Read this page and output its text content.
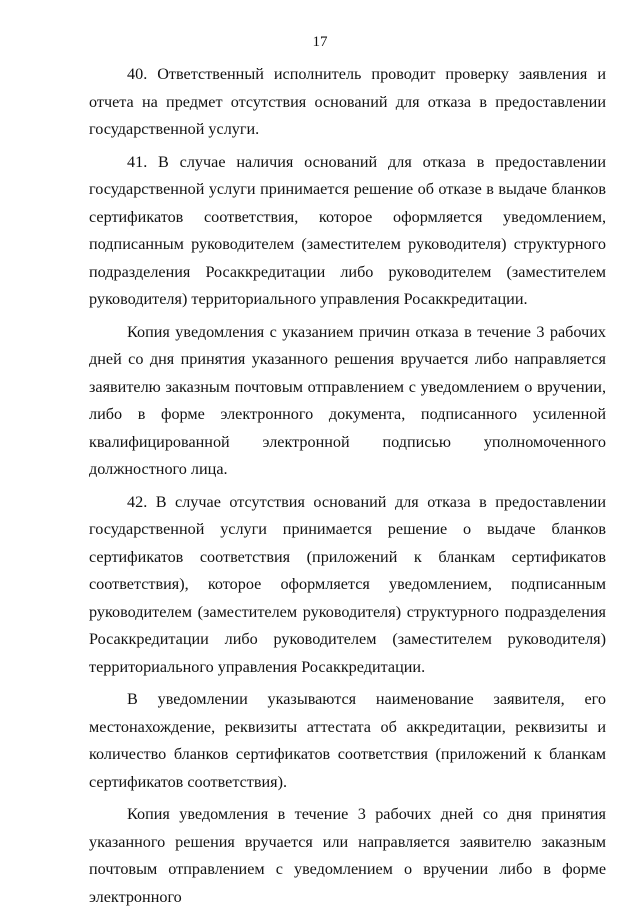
17

40. Ответственный исполнитель проводит проверку заявления и отчета на предмет отсутствия оснований для отказа в предоставлении государственной услуги.

41. В случае наличия оснований для отказа в предоставлении государственной услуги принимается решение об отказе в выдаче бланков сертификатов соответствия, которое оформляется уведомлением, подписанным руководителем (заместителем руководителя) структурного подразделения Росаккредитации либо руководителем (заместителем руководителя) территориального управления Росаккредитации.

Копия уведомления с указанием причин отказа в течение 3 рабочих дней со дня принятия указанного решения вручается либо направляется заявителю заказным почтовым отправлением с уведомлением о вручении, либо в форме электронного документа, подписанного усиленной квалифицированной электронной подписью уполномоченного должностного лица.

42. В случае отсутствия оснований для отказа в предоставлении государственной услуги принимается решение о выдаче бланков сертификатов соответствия (приложений к бланкам сертификатов соответствия), которое оформляется уведомлением, подписанным руководителем (заместителем руководителя) структурного подразделения Росаккредитации либо руководителем (заместителем руководителя) территориального управления Росаккредитации.

В уведомлении указываются наименование заявителя, его местонахождение, реквизиты аттестата об аккредитации, реквизиты и количество бланков сертификатов соответствия (приложений к бланкам сертификатов соответствия).

Копия уведомления в течение 3 рабочих дней со дня принятия указанного решения вручается или направляется заявителю заказным почтовым отправлением с уведомлением о вручении либо в форме электронного
